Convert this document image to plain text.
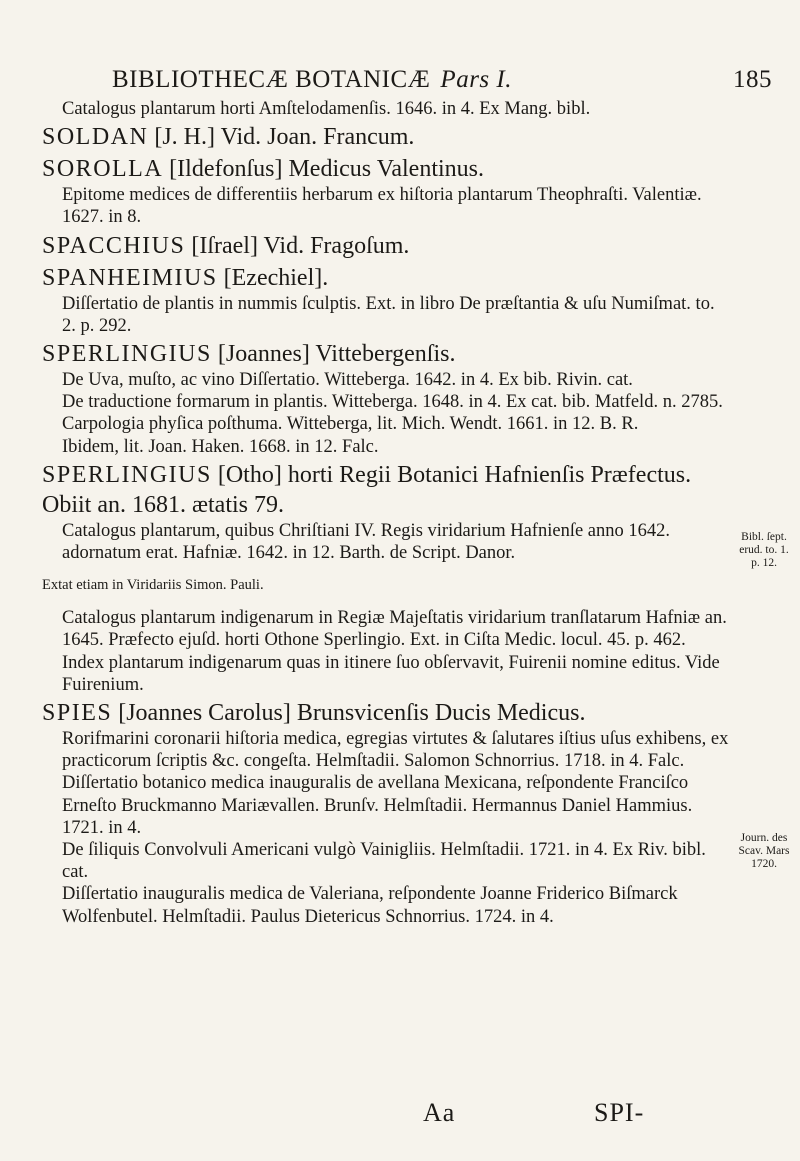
BIBLIOTHECÆ BOTANICÆ Pars I.	185

Catalogus plantarum horti Amſtelodamenſis. 1646. in 4. Ex Mang. bibl.

SOLDAN [J. H.] Vid. Joan. Francum.

SOROLLA [Ildefonſus] Medicus Valentinus.

Epitome medices de differentiis herbarum ex hiſtoria plantarum Theophraſti. Valentiæ. 1627. in 8.

SPACCHIUS [Iſrael] Vid. Fragoſum.

SPANHEIMIUS [Ezechiel].

Diſſertatio de plantis in nummis ſculptis. Ext. in libro De præſtantia & uſu Numiſmat. to. 2. p. 292.

SPERLINGIUS [Joannes] Vittebergenſis.

De Uva, muſto, ac vino Diſſertatio. Witteberga. 1642. in 4. Ex bib. Rivin. cat.

De traductione formarum in plantis. Witteberga. 1648. in 4. Ex cat. bib. Matfeld. n. 2785.

Carpologia phyſica poſthuma. Witteberga, lit. Mich. Wendt. 1661. in 12. B. R.

Ibidem, lit. Joan. Haken. 1668. in 12. Falc.

SPERLINGIUS [Otho] horti Regii Botanici Hafnienſis Præfectus. Obiit an. 1681. ætatis 79.

Catalogus plantarum, quibus Chriſtiani IV. Regis viridarium Hafnienſe anno 1642. adornatum erat. Hafniæ. 1642. in 12. Barth. de Script. Danor.

Extat etiam in Viridariis Simon. Pauli.

Catalogus plantarum indigenarum in Regiæ Majeſtatis viridarium tranſlatarum Hafniæ an. 1645. Præfecto ejuſd. horti Othone Sperlingio. Ext. in Ciſta Medic. locul. 45. p. 462.

Index plantarum indigenarum quas in itinere ſuo obſervavit, Fuirenii nomine editus. Vide Fuirenium.

SPIES [Joannes Carolus] Brunsvicenſis Ducis Medicus.

Rorifmarini coronarii hiſtoria medica, egregias virtutes & ſalutares iſtius uſus exhibens, ex practicorum ſcriptis &c. congeſta. Helmſtadii. Salomon Schnorrius. 1718. in 4. Falc.

Diſſertatio botanico medica inauguralis de avellana Mexicana, reſpondente Franciſco Erneſto Bruckmanno Mariævallen. Brunſv. Helmſtadii. Hermannus Daniel Hammius. 1721. in 4.

De ſiliquis Convolvuli Americani vulgò Vainigliis. Helmſtadii. 1721. in 4. Ex Riv. bibl. cat.

Diſſertatio inauguralis medica de Valeriana, reſpondente Joanne Friderico Biſmarck Wolfenbutel. Helmſtadii. Paulus Dietericus Schnorrius. 1724. in 4.

Bibl. ſept. erud. to. 1. p. 12.
Journ. des Scav. Mars 1720.
Aa	SPI-
